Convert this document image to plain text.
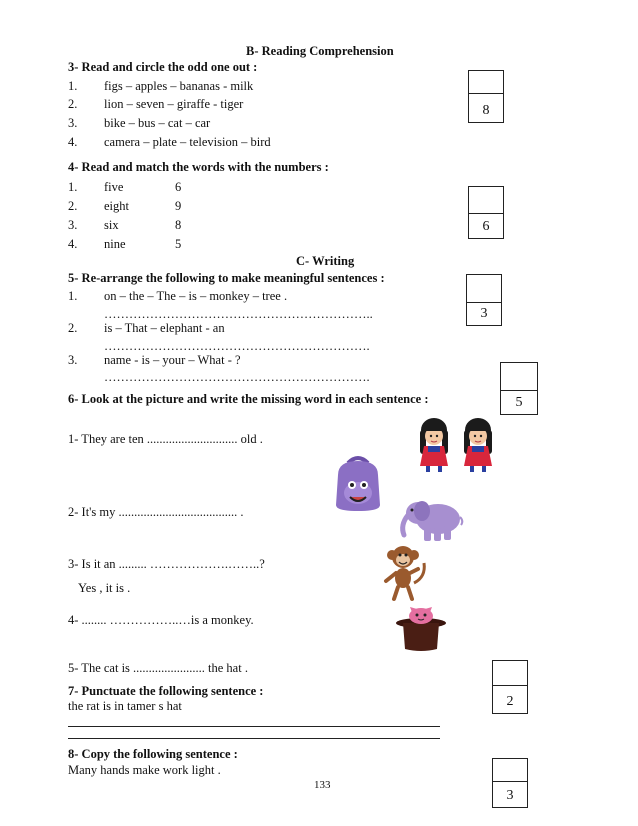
B- Reading Comprehension
3- Read and circle the odd one out :
1. figs – apples – bananas - milk
2. lion – seven – giraffe - tiger
3. bike – bus – cat – car
4. camera – plate – television – bird
8
4- Read and match the words with the numbers :
1. five	6
2. eight	9
3. six	8
4. nine	5
6
C- Writing
5- Re-arrange the following to make meaningful sentences :
1. on – the – The – is – monkey – tree .
………………………………………………………..
2. is – That – elephant - an
……………………………………………………….
3. name - is – your – What - ?
……………………………………………………….
3
6- Look at the picture and write the missing word in each sentence :	5
1- They are ten ............................. old .
2- It's my ...................................... .
3- Is it an ......... ……………….……..?
Yes , it is .
4- ........ ……………..…is a monkey.
5- The cat is ....................... the hat .
7- Punctuate the following sentence :
the rat is in tamer s hat	2
8- Copy the following sentence :
Many hands make work light .
3
133
